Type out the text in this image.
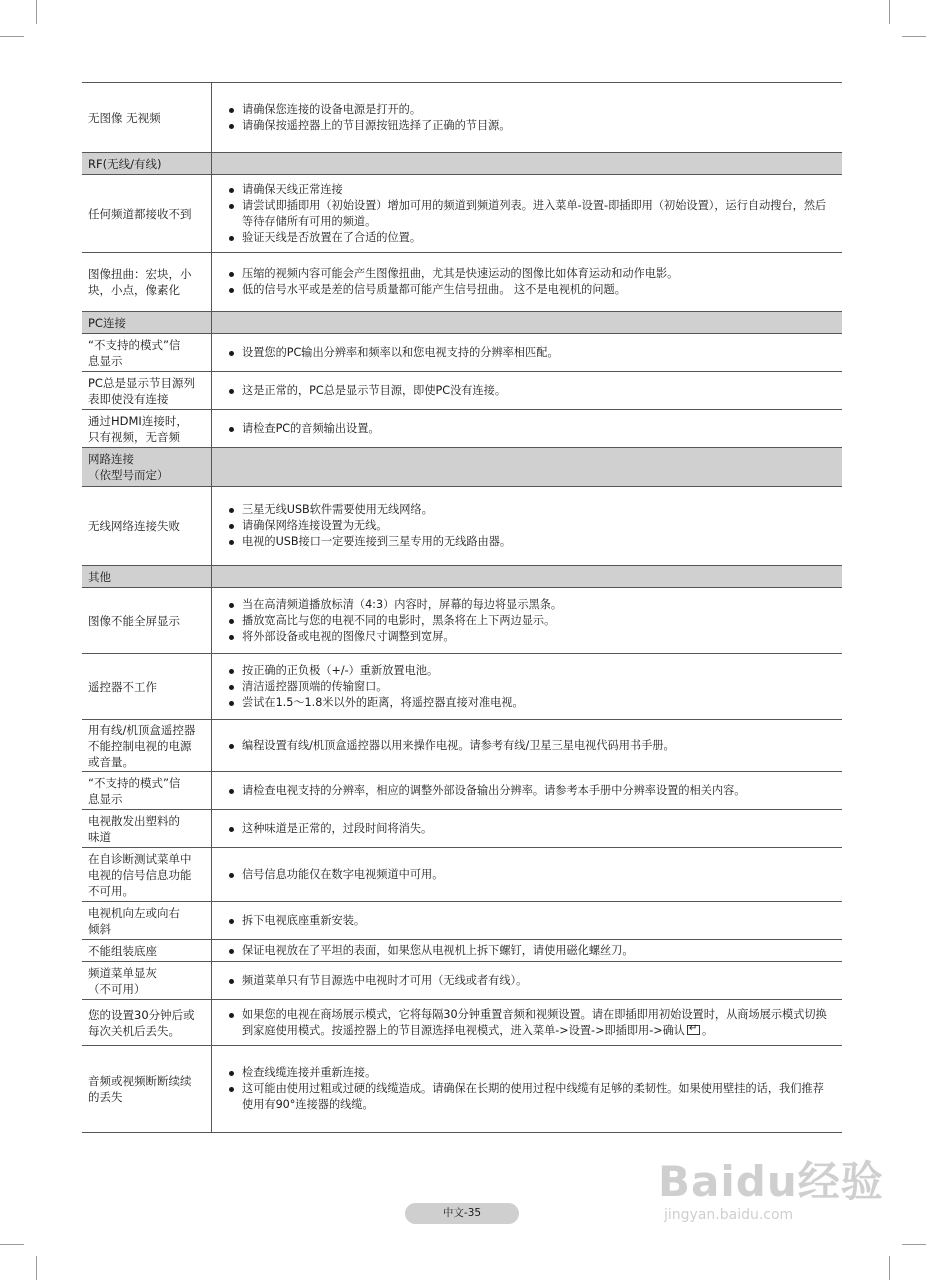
无图像 无视频
请确保您连接的设备电源是打开的。
请确保按遥控器上的节目源按钮选择了正确的节目源。
RF(无线/有线)
任何频道都接收不到
请确保天线正常连接
请尝试即插即用（初始设置）增加可用的频道到频道列表。进入菜单-设置-即插即用（初始设置），运行自动搜台，然后等待存储所有可用的频道。
验证天线是否放置在了合适的位置。
图像扭曲：宏块，小
块，小点，像素化
压缩的视频内容可能会产生图像扭曲，尤其是快速运动的图像比如体育运动和动作电影。
低的信号水平或是差的信号质量都可能产生信号扭曲。 这不是电视机的问题。
PC连接
“不支持的模式”信
息显示
设置您的PC输出分辨率和频率以和您电视支持的分辨率相匹配。
PC总是显示节目源列
表即使没有连接
这是正常的，PC总是显示节目源，即使PC没有连接。
通过HDMI连接时，
只有视频，无音频
请检查PC的音频输出设置。
网路连接
（依型号而定）
无线网络连接失败
三星无线USB软件需要使用无线网络。
请确保网络连接设置为无线。
电视的USB接口一定要连接到三星专用的无线路由器。
其他
图像不能全屏显示
当在高清频道播放标清（4:3）内容时，屏幕的每边将显示黑条。
播放宽高比与您的电视不同的电影时，黑条将在上下两边显示。
将外部设备或电视的图像尺寸调整到宽屏。
遥控器不工作
按正确的正负极（+/-）重新放置电池。
清洁遥控器顶端的传输窗口。
尝试在1.5～1.8米以外的距离，将遥控器直接对准电视。
用有线/机顶盒遥控器
不能控制电视的电源
或音量。
编程设置有线/机顶盒遥控器以用来操作电视。请参考有线/卫星三星电视代码用书手册。
“不支持的模式”信
息显示
请检查电视支持的分辨率，相应的调整外部设备输出分辨率。请参考本手册中分辨率设置的相关内容。
电视散发出塑料的
味道
这种味道是正常的，过段时间将消失。
在自诊断测试菜单中
电视的信号信息功能
不可用。
信号信息功能仅在数字电视频道中可用。
电视机向左或向右
倾斜
拆下电视底座重新安装。
不能组装底座	保证电视放在了平坦的表面，如果您从电视机上拆下螺钉，请使用磁化螺丝刀。
频道菜单显灰
（不可用）
频道菜单只有节目源选中电视时才可用（无线或者有线）。
您的设置30分钟后或
每次关机后丢失。
如果您的电视在商场展示模式，它将每隔30分钟重置音频和视频设置。请在即插即用初始设置时，从商场展示模式切换到家庭使用模式。按遥控器上的节目源选择电视模式，进入菜单->设置->即插即用->确认↵ 。
音频或视频断断续续
的丢失
检查线缆连接并重新连接。
这可能由使用过粗或过硬的线缆造成。请确保在长期的使用过程中线缆有足够的柔韧性。如果使用壁挂的话，我们推荐使用有90°连接器的线缆。
中文-35
Baidu经验
jingyan.baidu.com
